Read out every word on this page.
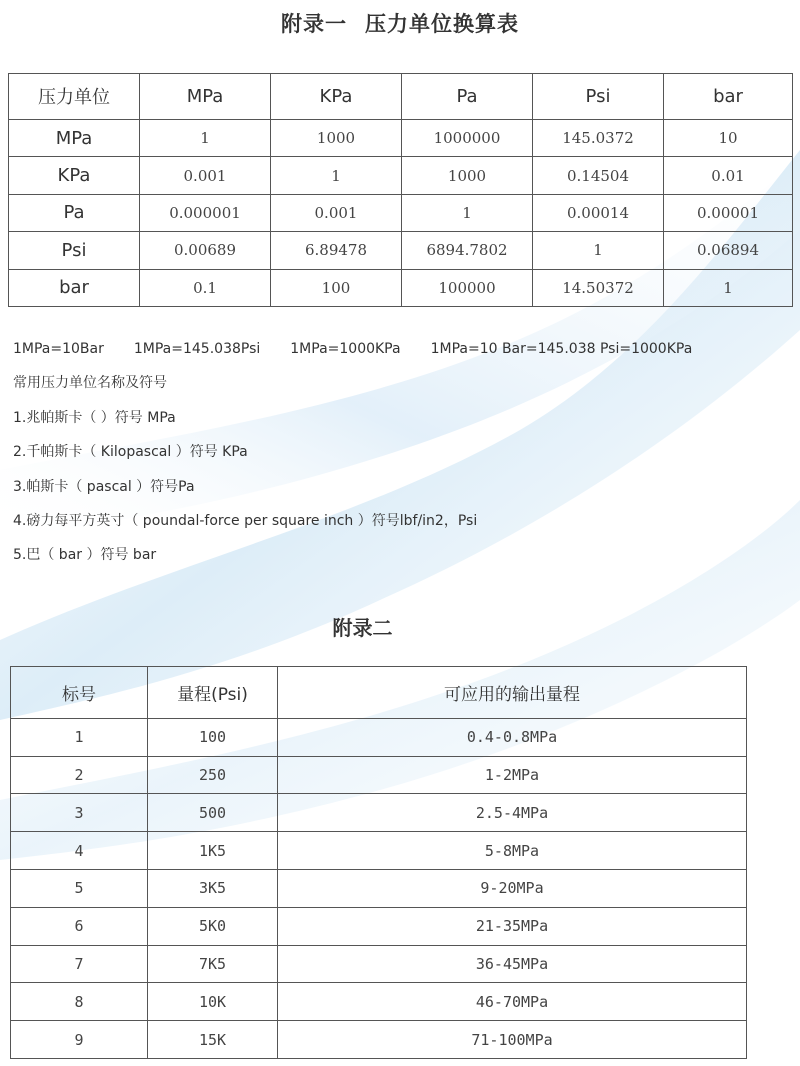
附录一 压力单位换算表
压力单位	MPa	KPa	Pa	Psi	bar
MPa	1	1000	1000000	145.0372	10
KPa	0.001	1	1000	0.14504	0.01
Pa	0.000001	0.001	1	0.00014	0.00001
Psi	0.00689	6.89478	6894.7802	1	0.06894
bar	0.1	100	100000	14.50372	1
1MPa=10Bar 1MPa=145.038Psi 1MPa=1000KPa 1MPa=10 Bar=145.038 Psi=1000KPa
常用压力单位名称及符号
1.兆帕斯卡（ ）符号 MPa
2.千帕斯卡（ Kilopascal ）符号 KPa
3.帕斯卡（ pascal ）符号Pa
4.磅力每平方英寸（ poundal-force per square inch ）符号lbf/in2，Psi
5.巴（ bar ）符号 bar
附录二
标号	量程(Psi)	可应用的输出量程
1	100	0.4-0.8MPa
2	250	1-2MPa
3	500	2.5-4MPa
4	1K5	5-8MPa
5	3K5	9-20MPa
6	5K0	21-35MPa
7	7K5	36-45MPa
8	10K	46-70MPa
9	15K	71-100MPa
